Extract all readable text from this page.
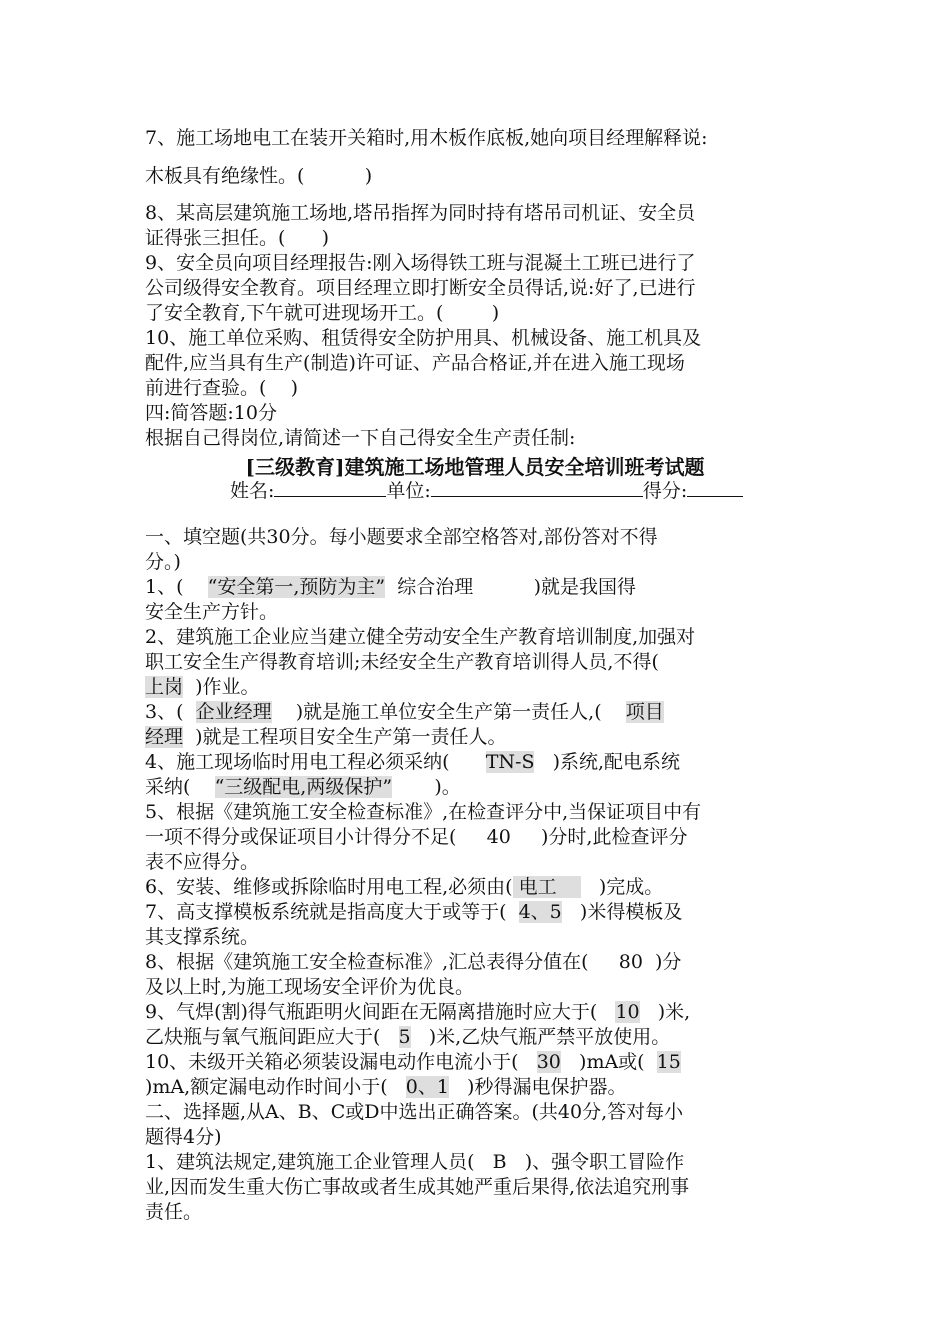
7、施工场地电工在装开关箱时,用木板作底板,她向项目经理解释说:
木板具有绝缘性。(          )
8、某高层建筑施工场地,塔吊指挥为同时持有塔吊司机证、安全员
证得张三担任。(      )
9、安全员向项目经理报告:刚入场得铁工班与混凝土工班已进行了
公司级得安全教育。项目经理立即打断安全员得话,说:好了,已进行
了安全教育,下午就可进现场开工。(        )
10、施工单位采购、租赁得安全防护用具、机械设备、施工机具及
配件,应当具有生产(制造)许可证、产品合格证,并在进入施工现场
前进行查验。(    )
四:简答题:10分
根据自己得岗位,请简述一下自己得安全生产责任制:
[三级教育]建筑施工场地管理人员安全培训班考试题
姓名:	单位:	得分:
一、填空题(共30分。每小题要求全部空格答对,部份答对不得
分。)
1、(    “安全第一,预防为主”  综合治理          )就是我国得
安全生产方针。
2、建筑施工企业应当建立健全劳动安全生产教育培训制度,加强对
职工安全生产得教育培训;未经安全生产教育培训得人员,不得(
上岗  )作业。
3、(  企业经理    )就是施工单位安全生产第一责任人,(    项目
经理  )就是工程项目安全生产第一责任人。
4、施工现场临时用电工程必须采纳(      TN-S   )系统,配电系统
采纳(    “三级配电,两级保护”       )。
5、根据《建筑施工安全检查标准》,在检查评分中,当保证项目中有
一项不得分或保证项目小计得分不足(     40     )分时,此检查评分
表不应得分。
6、安装、维修或拆除临时用电工程,必须由( 电工       )完成。
7、高支撑模板系统就是指高度大于或等于(  4、5   )米得模板及
其支撑系统。
8、根据《建筑施工安全检查标准》,汇总表得分值在(     80  )分
及以上时,为施工现场安全评价为优良。
9、气焊(割)得气瓶距明火间距在无隔离措施时应大于(   10   )米,
乙炔瓶与氧气瓶间距应大于(   5   )米,乙炔气瓶严禁平放使用。
10、未级开关箱必须装设漏电动作电流小于(   30   )mA或(  15
)mA,额定漏电动作时间小于(   0、1   )秒得漏电保护器。
二、选择题,从A、B、C或D中选出正确答案。(共40分,答对每小
题得4分)
1、建筑法规定,建筑施工企业管理人员(   B   )、强令职工冒险作
业,因而发生重大伤亡事故或者生成其她严重后果得,依法追究刑事
责任。
